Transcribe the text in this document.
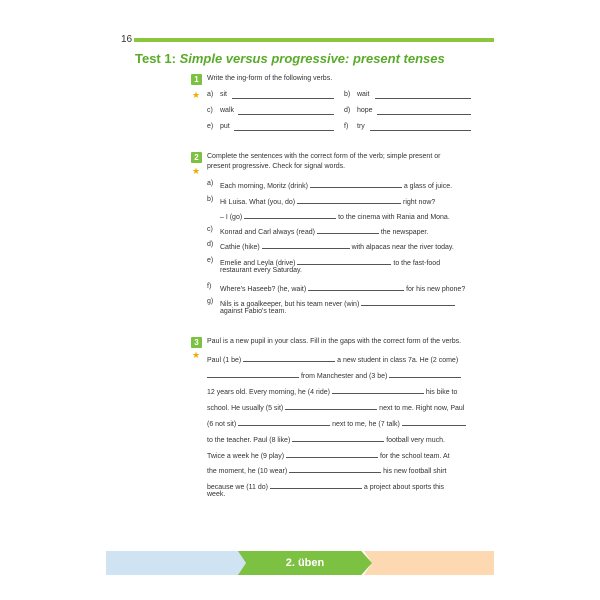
16
Test 1: Simple versus progressive: present tenses
1
★
Write the ing-form of the following verbs.
a) sit	b) wait
c) walk	d) hope
e) put	f) try
2
★
Complete the sentences with the correct form of the verb; simple present or
present progressive. Check for signal words.
a) Each morning, Moritz (drink)	a glass of juice.
b) Hi Luisa. What (you, do)	right now?
– I (go)	to the cinema with Rania and Mona.
c) Konrad and Carl always (read)	the newspaper.
d) Cathie (hike)	with alpacas near the river today.
e) Emelie and Leyla (drive)	to the fast-food
restaurant every Saturday.
f) Where's Haseeb? (he, wait)	for his new phone?
g) Nils is a goalkeeper, but his team never (win)
against Fabio's team.
3
★
Paul is a new pupil in your class. Fill in the gaps with the correct form of the verbs.
Paul (1 be)	a new student in class 7a. He (2 come)
from Manchester and (3 be)
12 years old. Every morning, he (4 ride)	his bike to
school. He usually (5 sit)	next to me. Right now, Paul
(6 not sit)	next to me, he (7 talk)
to the teacher. Paul (8 like)	football very much.
Twice a week he (9 play)	for the school team. At
the moment, he (10 wear)	his new football shirt
because we (11 do)	a project about sports this
week.
2. üben
